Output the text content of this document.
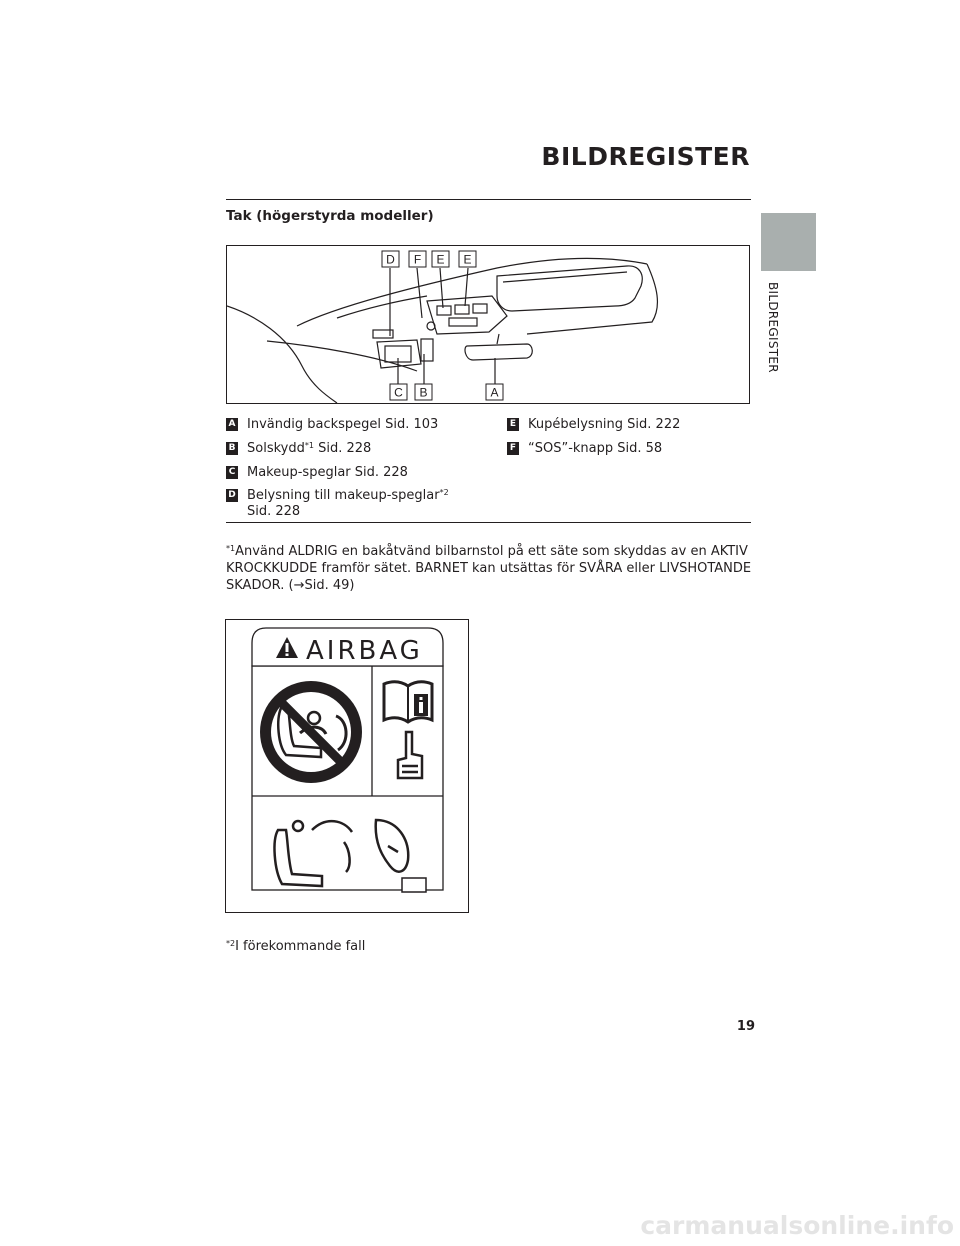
BILDREGISTER
Tak (högerstyrda modeller)
BILDREGISTER
D F E E
C B	A
A Invändig backspegel Sid. 103
B Solskydd$^{*1}$ Sid. 228
C Makeup-speglar Sid. 228
D Belysning till makeup-speglar$^{*2}$
Sid. 228
E Kupébelysning Sid. 222
F “SOS”-knapp Sid. 58
$^{*1}$Använd ALDRIG en bakåtvänd bilbarnstol på ett säte som skyddas av en AKTIV
KROCKKUDDE framför sätet. BARNET kan utsättas för SVÅRA eller LIVSHOTANDE
SKADOR. (→Sid. 49)
AIRBAG
$^{*2}$I förekommande fall
19
carmanualsonline.info
